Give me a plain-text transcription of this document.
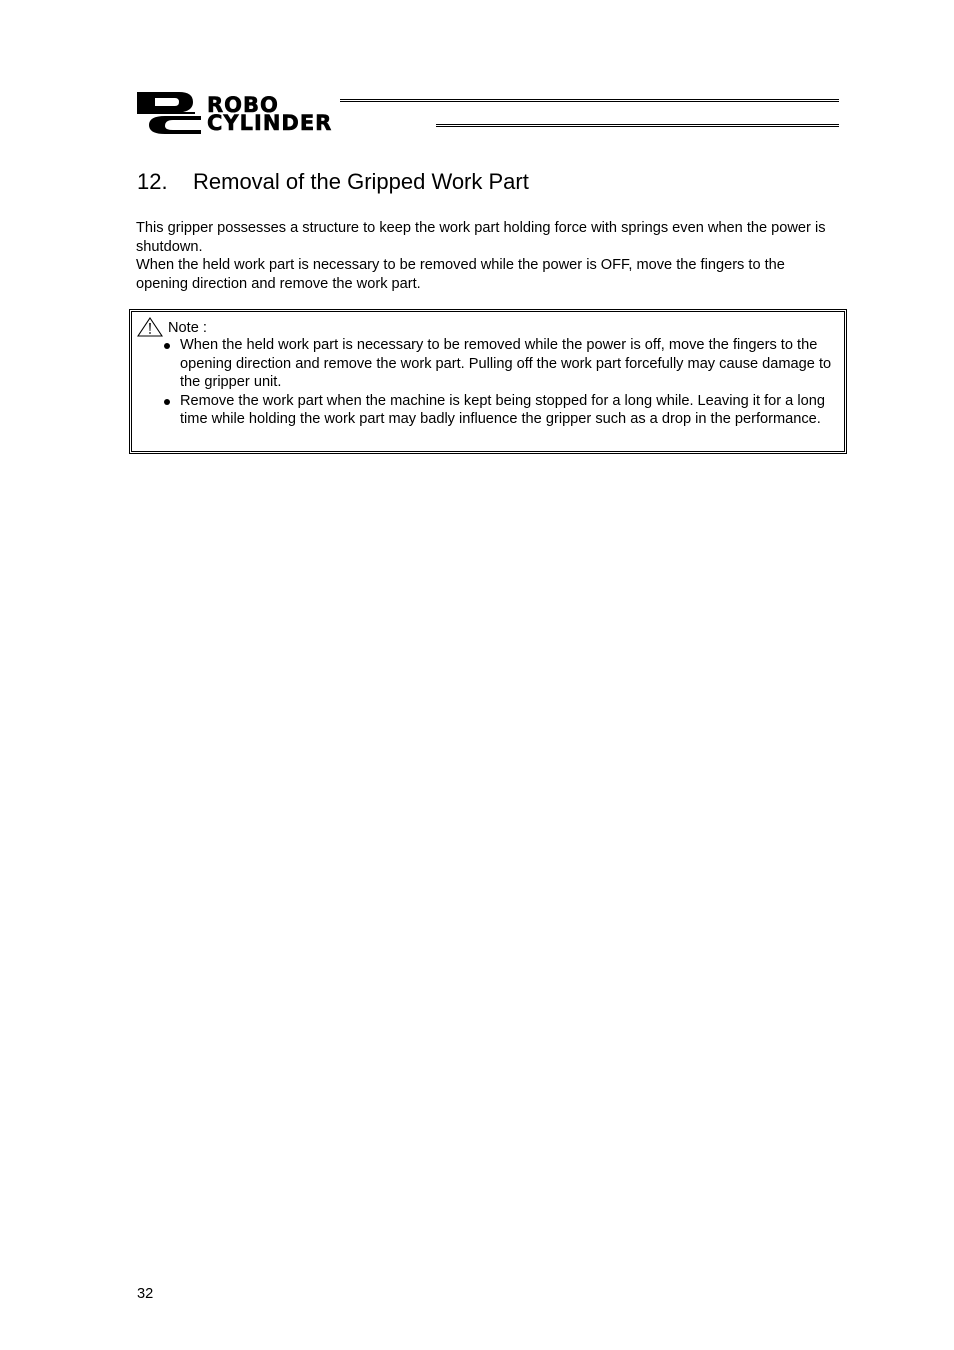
ROBO
CYLINDER
12. Removal of the Gripped Work Part

This gripper possesses a structure to keep the work part holding force with springs even when the power is shutdown.

When the held work part is necessary to be removed while the power is OFF, move the fingers to the opening direction and remove the work part.

Note :
When the held work part is necessary to be removed while the power is off, move the fingers to the opening direction and remove the work part. Pulling off the work part forcefully may cause damage to the gripper unit.
Remove the work part when the machine is kept being stopped for a long while. Leaving it for a long time while holding the work part may badly influence the gripper such as a drop in the performance.
32
